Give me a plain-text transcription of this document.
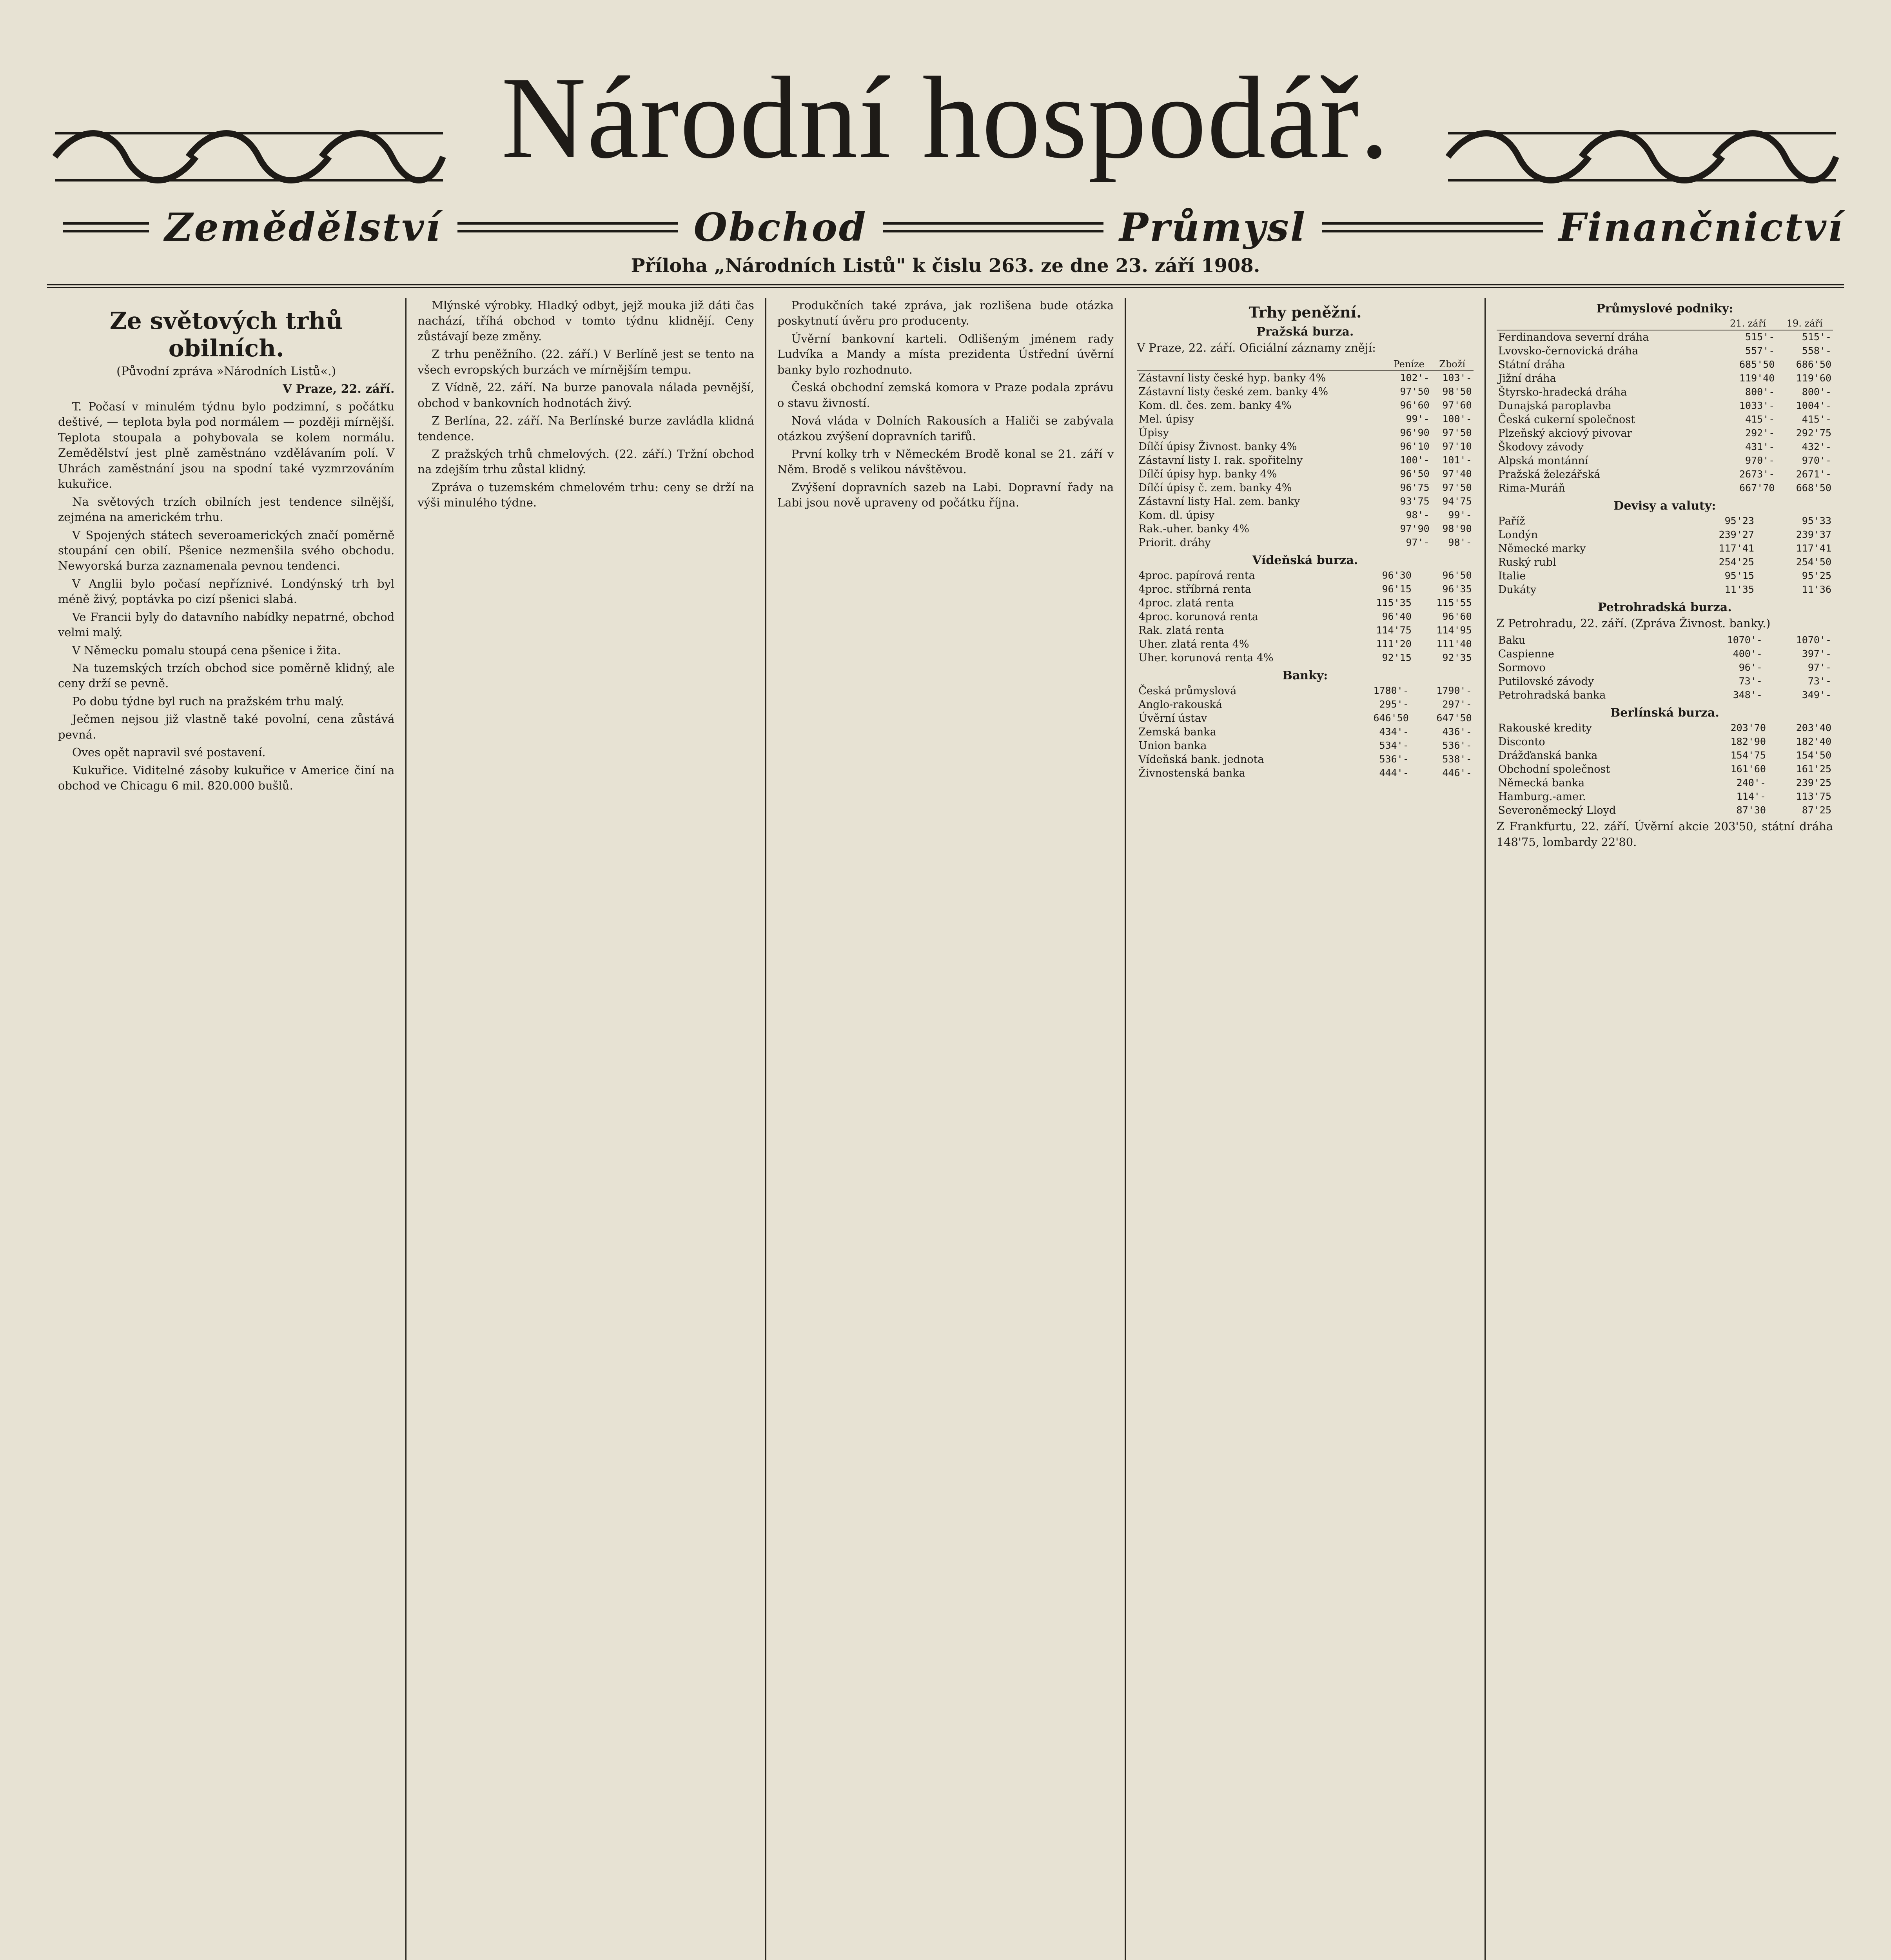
Národní hospodář.
Zemědělství	Obchod	Průmysl	Finančnictví
Příloha „Národních Listů" k čislu 263. ze dne 23. září 1908.
Ze světových trhů obilních.
(Původní zpráva »Národních Listů«.)
V Praze, 22. září.

T. Počasí v minulém týdnu bylo podzimní, s počátku deštivé, — teplota byla pod normálem — později mírnější. Teplota stoupala a pohybovala se kolem normálu. Zemědělství jest plně zaměstnáno vzdělávaním polí. V Uhrách zaměstnání jsou na spodní také vyzmrzováním kukuřice.

Na světových trzích obilních jest tendence silnější, zejména na americkém trhu.

V Spojených státech severoamerických značí poměrně stoupání cen obilí. Pšenice nezmenšila svého obchodu. Newyorská burza zaznamenala pevnou tendenci.

V Anglii bylo počasí nepříznivé. Londýnský trh byl méně živý, poptávka po cizí pšenici slabá.

Ve Francii byly do datavního nabídky nepatrné, obchod velmi malý.

V Německu pomalu stoupá cena pšenice i žita.

Na tuzemských trzích obchod sice poměrně klidný, ale ceny drží se pevně.

Po dobu týdne byl ruch na pražském trhu malý.

Ječmen nejsou již vlastně také povolní, cena zůstává pevná.

Oves opět napravil své postavení.

Kukuřice. Viditelné zásoby kukuřice v Americe činí na obchod ve Chicagu 6 mil. 820.000 bušlů.

Mlýnské výrobky. Hladký odbyt, jejž mouka již dáti čas nachází, tříhá obchod v tomto týdnu klidnějí. Ceny zůstávají beze změny.

Z trhu peněžního. (22. září.) V Berlíně jest se tento na všech evropských burzách ve mírnějším tempu.

Z Vídně, 22. září. Na burze panovala nálada pevnější, obchod v bankovních hodnotách živý.

Z Berlína, 22. září. Na Berlínské burze zavládla klidná tendence.

Z pražských trhů chmelových. (22. září.) Tržní obchod na zdejším trhu zůstal klidný.

Zpráva o tuzemském chmelovém trhu: ceny se drží na výši minulého týdne.

Produkčních také zpráva, jak rozlišena bude otázka poskytnutí úvěru pro producenty.

Úvěrní bankovní karteli. Odlišeným jménem rady Ludvíka a Mandy a místa prezidenta Ústřední úvěrní banky bylo rozhodnuto.

Česká obchodní zemská komora v Praze podala zprávu o stavu živností.

Nová vláda v Dolních Rakousích a Haliči se zabývala otázkou zvýšení dopravních tarifů.

První kolky trh v Německém Brodě konal se 21. září v Něm. Brodě s velikou návštěvou.

Zvýšení dopravních sazeb na Labi. Dopravní řady na Labi jsou nově upraveny od počátku října.

Trhy peněžní.
Pražská burza.

V Praze, 22. září. Oficiální záznamy znějí:

	Peníze	Zboží
Zástavní listy české hyp. banky 4%	102'-	103'-
Zástavní listy české zem. banky 4%	97'50	98'50
Kom. dl. čes. zem. banky 4%	96'60	97'60
Mel. úpisy	99'-	100'-
Úpisy	96'90	97'50
Dílčí úpisy Živnost. banky 4%	96'10	97'10
Zástavní listy I. rak. spořitelny	100'-	101'-
Dílčí úpisy hyp. banky 4%	96'50	97'40
Dílčí úpisy č. zem. banky 4%	96'75	97'50
Zástavní listy Hal. zem. banky	93'75	94'75
Kom. dl. úpisy	98'-	99'-
Rak.-uher. banky 4%	97'90	98'90
Priorit. dráhy	97'-	98'-
Vídeňská burza.
4proc. papírová renta	96'30	96'50
4proc. stříbrná renta	96'15	96'35
4proc. zlatá renta	115'35	115'55
4proc. korunová renta	96'40	96'60
Rak. zlatá renta	114'75	114'95
Uher. zlatá renta 4%	111'20	111'40
Uher. korunová renta 4%	92'15	92'35
Banky:
Česká průmyslová	1780'-	1790'-
Anglo-rakouská	295'-	297'-
Úvěrní ústav	646'50	647'50
Zemská banka	434'-	436'-
Union banka	534'-	536'-
Vídeňská bank. jednota	536'-	538'-
Živnostenská banka	444'-	446'-
Průmyslové podniky:
	21. září	19. září
Ferdinandova severní dráha	515'-	515'-
Lvovsko-černovická dráha	557'-	558'-
Státní dráha	685'50	686'50
Jižní dráha	119'40	119'60
Štyrsko-hradecká dráha	800'-	800'-
Dunajská paroplavba	1033'-	1004'-
Česká cukerní společnost	415'-	415'-
Plzeňský akciový pivovar	292'-	292'75
Škodovy závody	431'-	432'-
Alpská montánní	970'-	970'-
Pražská železářská	2673'-	2671'-
Rima-Muráň	667'70	668'50
Devisy a valuty:
Paříž	95'23	95'33
Londýn	239'27	239'37
Německé marky	117'41	117'41
Ruský rubl	254'25	254'50
Italie	95'15	95'25
Dukáty	11'35	11'36
Petrohradská burza.

Z Petrohradu, 22. září. (Zpráva Živnost. banky.)

Baku	1070'-	1070'-
Caspienne	400'-	397'-
Sormovo	96'-	97'-
Putilovské závody	73'-	73'-
Petrohradská banka	348'-	349'-
Berlínská burza.
Rakouské kredity	203'70	203'40
Disconto	182'90	182'40
Drážďanská banka	154'75	154'50
Obchodní společnost	161'60	161'25
Německá banka	240'-	239'25
Hamburg.-amer.	114'-	113'75
Severoněmecký Lloyd	87'30	87'25

Z Frankfurtu, 22. září. Úvěrní akcie 203'50, státní dráha 148'75, lombardy 22'80.
